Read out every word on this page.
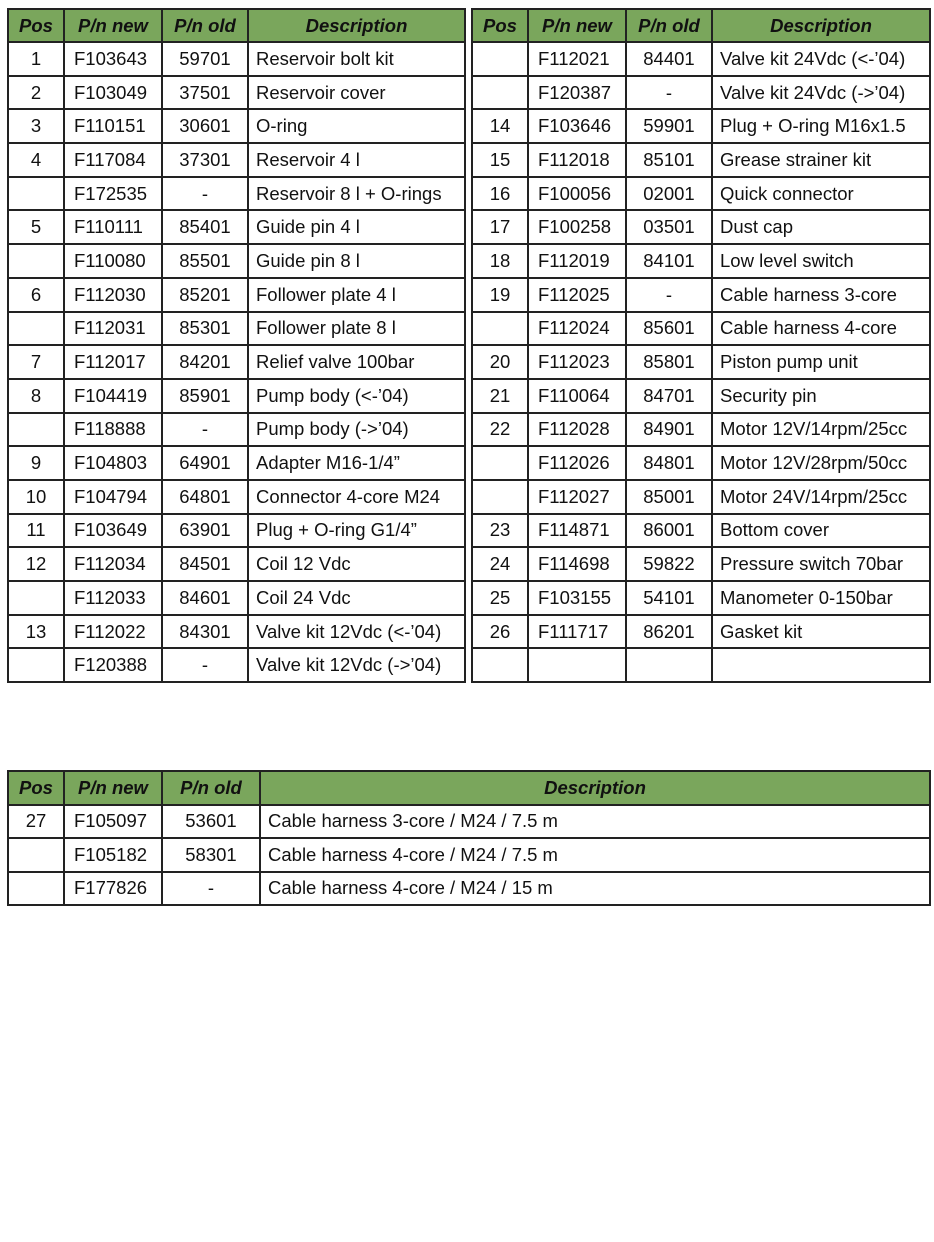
Pos	P/n new	P/n old	Description
1	F103643	59701	Reservoir bolt kit
2	F103049	37501	Reservoir cover
3	F110151	30601	O-ring
4	F117084	37301	Reservoir 4 l
	F172535	-	Reservoir 8 l + O-rings
5	F110111	85401	Guide pin 4 l
	F110080	85501	Guide pin 8 l
6	F112030	85201	Follower plate 4 l
	F112031	85301	Follower plate 8 l
7	F112017	84201	Relief valve 100bar
8	F104419	85901	Pump body (<-’04)
	F118888	-	Pump body (->’04)
9	F104803	64901	Adapter M16-1/4”
10	F104794	64801	Connector 4-core M24
11	F103649	63901	Plug + O-ring G1/4”
12	F112034	84501	Coil 12 Vdc
	F112033	84601	Coil 24 Vdc
13	F112022	84301	Valve kit 12Vdc (<-’04)
	F120388	-	Valve kit 12Vdc (->’04)
Pos	P/n new	P/n old	Description
	F112021	84401	Valve kit 24Vdc (<-’04)
	F120387	-	Valve kit 24Vdc (->’04)
14	F103646	59901	Plug + O-ring M16x1.5
15	F112018	85101	Grease strainer kit
16	F100056	02001	Quick connector
17	F100258	03501	Dust cap
18	F112019	84101	Low level switch
19	F112025	-	Cable harness 3-core
	F112024	85601	Cable harness 4-core
20	F112023	85801	Piston pump unit
21	F110064	84701	Security pin
22	F112028	84901	Motor 12V/14rpm/25cc
	F112026	84801	Motor 12V/28rpm/50cc
	F112027	85001	Motor 24V/14rpm/25cc
23	F114871	86001	Bottom cover
24	F114698	59822	Pressure switch 70bar
25	F103155	54101	Manometer 0-150bar
26	F111717	86201	Gasket kit

Pos	P/n new	P/n old	Description
27	F105097	53601	Cable harness 3-core / M24 / 7.5 m
	F105182	58301	Cable harness 4-core / M24 / 7.5 m
	F177826	-	Cable harness 4-core / M24 / 15 m
